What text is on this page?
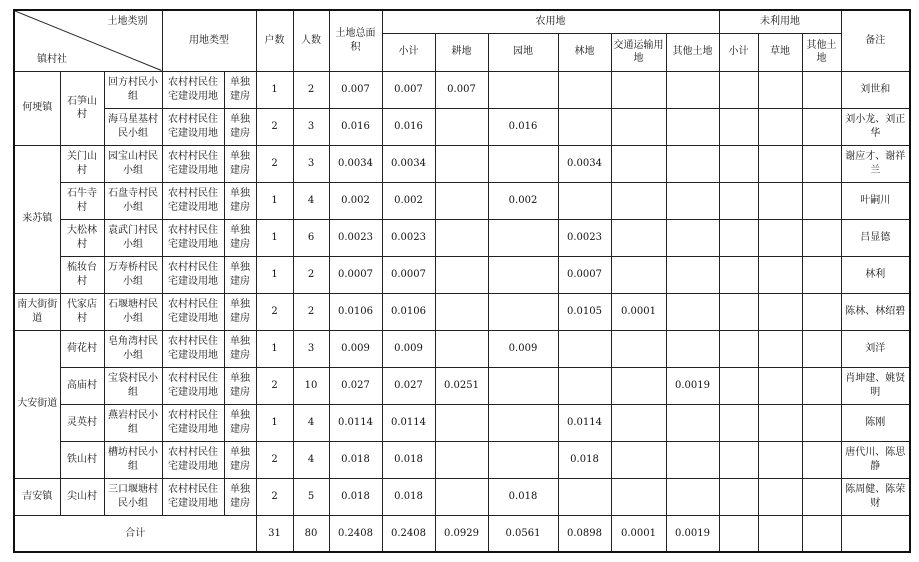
土地类别
镇村社			用地类型		户数	人数	土地总面积	农用地						未利用地			备注
								小计	耕地	园地	林地	交通运输用地	其他土地	小计	草地	其他土地	
何埂镇	石笋山村	回方村民小组	农村村民住宅建设用地	单独建房	1	2	0.007	0.007	0.007								刘世和
		海马星基村民小组	农村村民住宅建设用地	单独建房	2	3	0.016	0.016		0.016							刘小龙、刘正华
来苏镇	关门山村	园宝山村民小组	农村村民住宅建设用地	单独建房	2	3	0.0034	0.0034			0.0034						谢应才、谢祥兰
	石牛寺村	石盘寺村民小组	农村村民住宅建设用地	单独建房	1	4	0.002	0.002		0.002							叶嗣川
	大松林村	袁武门村民小组	农村村民住宅建设用地	单独建房	1	6	0.0023	0.0023			0.0023						吕显德
	梳妆台村	万寿桥村民小组	农村村民住宅建设用地	单独建房	1	2	0.0007	0.0007			0.0007						林利
南大街街道	代家店村	石堰塘村民小组	农村村民住宅建设用地	单独建房	2	2	0.0106	0.0106			0.0105	0.0001					陈林、林绍碧
大安街道	荷花村	皂角湾村民小组	农村村民住宅建设用地	单独建房	1	3	0.009	0.009		0.009							刘洋
	高庙村	宝袋村民小组	农村村民住宅建设用地	单独建房	2	10	0.027	0.027	0.0251				0.0019				肖坤建、姚贤明
	灵英村	燕岩村民小组	农村村民住宅建设用地	单独建房	1	4	0.0114	0.0114			0.0114						陈刚
	铁山村	槽坊村民小组	农村村民住宅建设用地	单独建房	2	4	0.018	0.018			0.018						唐代川、陈思静
吉安镇	尖山村	三口堰塘村民小组	农村村民住宅建设用地	单独建房	2	5	0.018	0.018		0.018							陈周健、陈荣财
合计					31	80	0.2408	0.2408	0.0929	0.0561	0.0898	0.0001	0.0019				
